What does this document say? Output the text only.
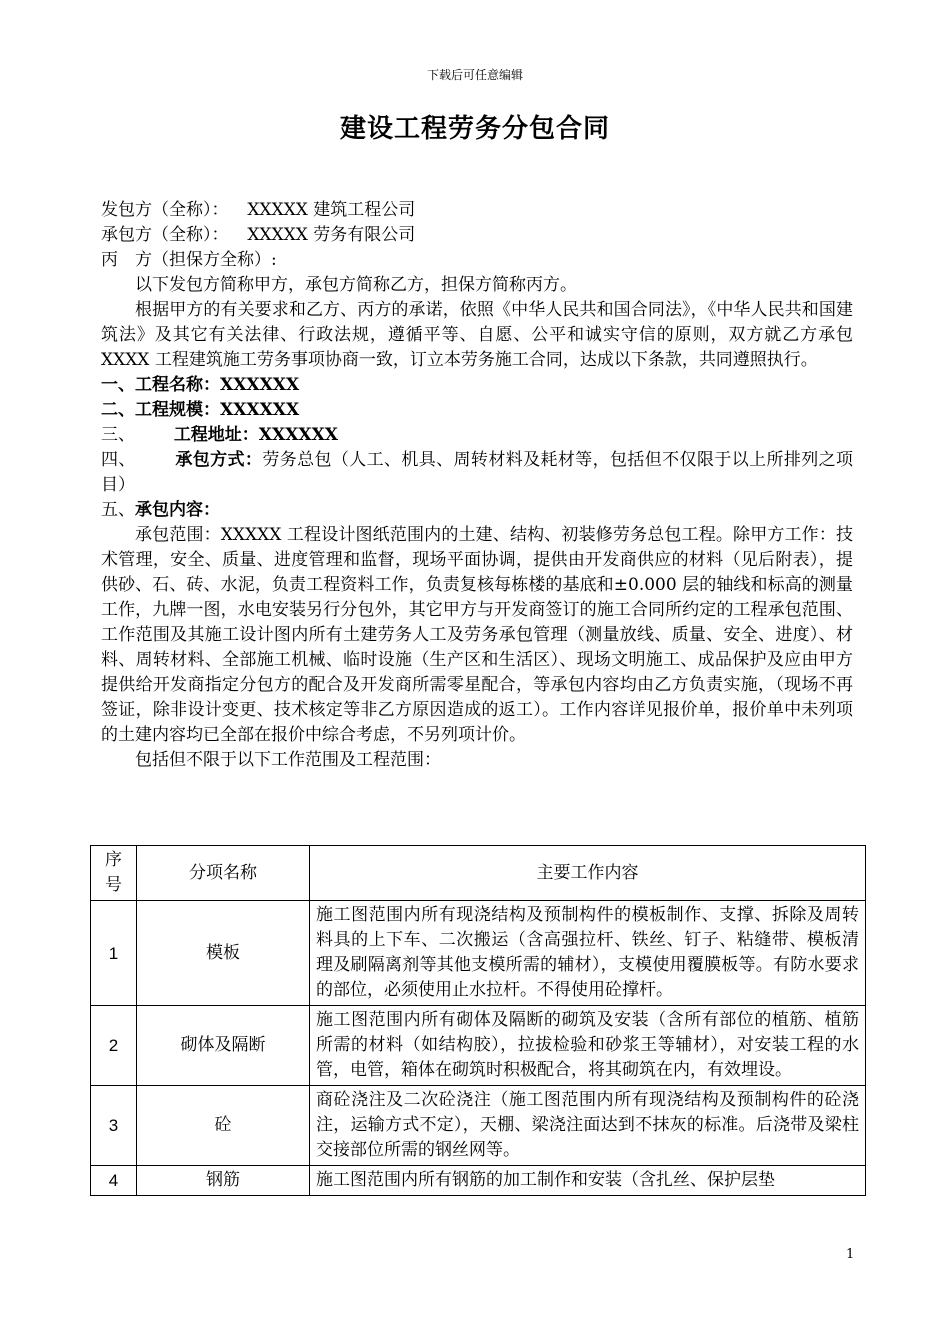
下载后可任意编辑
建设工程劳务分包合同
发包方（全称）： XXXXX 建筑工程公司
承包方（全称）： XXXXX 劳务有限公司
丙　方（担保方全称）:
以下发包方简称甲方，承包方简称乙方，担保方简称丙方。
根据甲方的有关要求和乙方、丙方的承诺，依照《中华人民共和国合同法》，《中华人民共和国建筑法》及其它有关法律、行政法规，遵循平等、自愿、公平和诚实守信的原则，双方就乙方承包 XXXX 工程建筑施工劳务事项协商一致，订立本劳务施工合同，达成以下条款，共同遵照执行。
一、工程名称：XXXXXX
二、工程规模：XXXXXX
三、 工程地址：XXXXXX
四、 承包方式：劳务总包（人工、机具、周转材料及耗材等，包括但不仅限于以上所排列之项目）
五、承包内容：
承包范围：XXXXX 工程设计图纸范围内的土建、结构、初装修劳务总包工程。除甲方工作：技术管理，安全、质量、进度管理和监督，现场平面协调，提供由开发商供应的材料（见后附表），提供砂、石、砖、水泥，负责工程资料工作，负责复核每栋楼的基底和±0.000 层的轴线和标高的测量工作，九牌一图，水电安装另行分包外，其它甲方与开发商签订的施工合同所约定的工程承包范围、工作范围及其施工设计图内所有土建劳务人工及劳务承包管理（测量放线、质量、安全、进度）、材料、周转材料、全部施工机械、临时设施（生产区和生活区）、现场文明施工、成品保护及应由甲方提供给开发商指定分包方的配合及开发商所需零星配合，等承包内容均由乙方负责实施，（现场不再签证，除非设计变更、技术核定等非乙方原因造成的返工）。工作内容详见报价单，报价单中未列项的土建内容均已全部在报价中综合考虑，不另列项计价。
包括但不限于以下工作范围及工程范围：
序号	分项名称	主要工作内容
1	模板	施工图范围内所有现浇结构及预制构件的模板制作、支撑、拆除及周转料具的上下车、二次搬运（含高强拉杆、铁丝、钉子、粘缝带、模板清理及刷隔离剂等其他支模所需的辅材），支模使用覆膜板等。有防水要求的部位，必须使用止水拉杆。不得使用砼撑杆。
2	砌体及隔断	施工图范围内所有砌体及隔断的砌筑及安装（含所有部位的植筋、植筋所需的材料（如结构胶），拉拔检验和砂浆王等辅材），对安装工程的水管，电管，箱体在砌筑时积极配合，将其砌筑在内，有效埋设。
3	砼	商砼浇注及二次砼浇注（施工图范围内所有现浇结构及预制构件的砼浇注，运输方式不定），天棚、梁浇注面达到不抹灰的标准。后浇带及梁柱交接部位所需的钢丝网等。
4	钢筋	施工图范围内所有钢筋的加工制作和安装（含扎丝、保护层垫
1
